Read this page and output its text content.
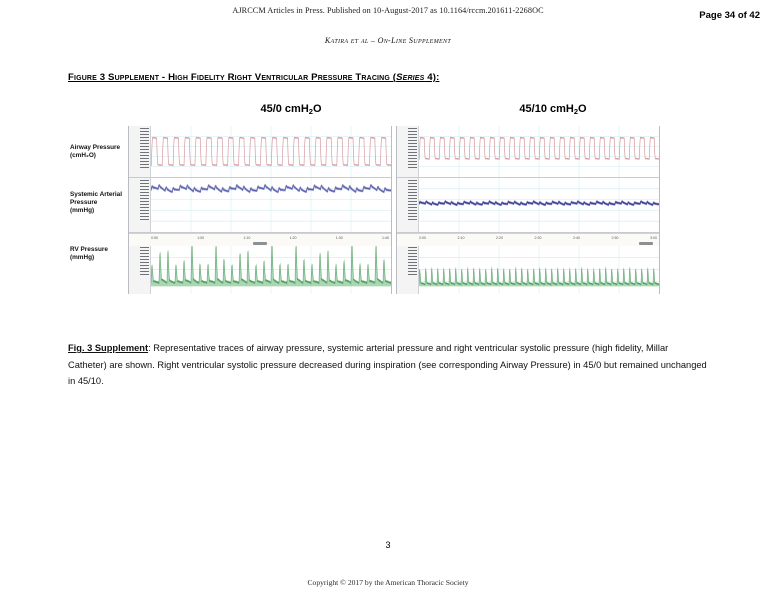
AJRCCM Articles in Press. Published on 10-August-2017 as 10.1164/rccm.201611-2268OC	Page 34 of 42
Katira et al – On-Line Supplement
Figure 3 Supplement - High Fidelity Right Ventricular Pressure Tracing (Series 4):
45/0 cmH$_2$O	45/10 cmH$_2$O
Airway Pressure
(cmH₂O)
Systemic Arterial
Pressure
(mmHg)
RV Pressure
(mmHg)
0:50	1:00	1:10	1:20	1:30	1:40	2:00	2:10	2:20	2:30	2:40	2:50	3:00
Fig. 3 Supplement: Representative traces of airway pressure, systemic arterial pressure and right ventricular systolic pressure (high fidelity, Millar Catheter) are shown. Right ventricular systolic pressure decreased during inspiration (see corresponding Airway Pressure) in 45/0 but remained unchanged in 45/10.
3
Copyright © 2017 by the American Thoracic Society
